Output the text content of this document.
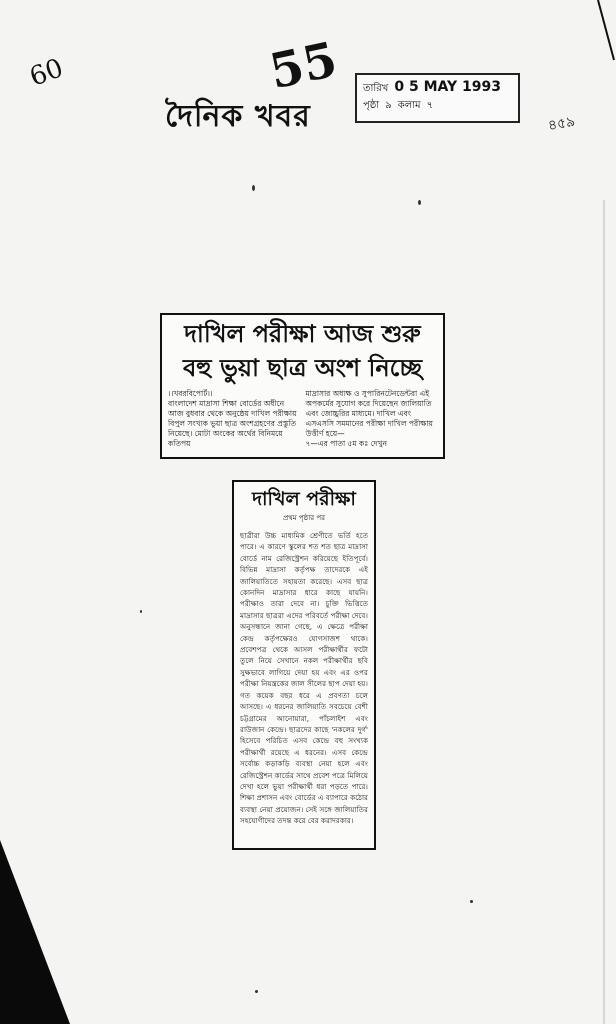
60	55
৪৫৯
দৈনিক খবর
তারিখ 0 5 MAY 1993
পৃষ্ঠা ৯ কলাম ৭
দাখিল পরীক্ষা আজ শুরু
বহু ভুয়া ছাত্র অংশ নিচ্ছে
।।খবরবিপোর্ট।।
বাংলাদেশ মাদ্রাসা শিক্ষা বোর্ডের অধীনে আজ বুধবার থেকে অনুষ্ঠেয় দাখিল পরীক্ষায় বিপুল সংখ্যক ভুয়া ছাত্র অংশগ্রহণের প্রস্তুতি নিয়েছে। মোটা অংকের অর্থের বিনিময়ে কতিপয়
মাদ্রাসার অধ্যক্ষ ও সুপারিনটেনডেন্টরা এই অপকর্মের সুযোগ করে দিয়েছেন জালিয়াতি এবং জোচ্চুরির মাধ্যমে। দাখিল এবং এসএসসি সমমানের পরীক্ষা দাখিল পরীক্ষায় উত্তীর্ণ হয়ে—
৭—এর পাতা ৫ম কঃ দেখুন
দাখিল পরীক্ষা
প্রথম পৃষ্ঠার পর
ছাত্রীরা উচ্চ মাধ্যমিক শ্রেণীতে ভর্তি হতে পারে। এ কারণে স্কুলের শত শত ছাত্র মাদ্রাসা বোর্ডে নাম রেজিস্ট্রেশন করিয়েছে ইতিপূর্বে। বিভিন্ন মাদ্রাসা কর্তৃপক্ষ তাদেরকে এই জালিয়াতিতে সহায়তা করেছে। এসব ছাত্র কোনদিন মাদ্রাসার ধারে কাছে যায়নি। পরীক্ষাও তারা দেবে না। চুক্তি ভিত্তিতে মাদ্রাসার ছাত্ররা এদের পরিবর্তে পরীক্ষা দেবে। অনুসন্ধানে জানা গেছে, এ ক্ষেত্রে পরীক্ষা কেন্দ্র কর্তৃপক্ষেরও যোগসাজশ থাকে। প্রবেশপত্র থেকে আসল পরীক্ষার্থীর ফটো তুলে নিয়ে সেখানে নকল পরীক্ষার্থীর ছবি সুক্ষভাবে লাগিয়ে দেয়া হয় এবং এর ওপর পরীক্ষা নিয়ন্ত্রকের জাল সীলের ছাপ দেয়া হয়। গত কয়েক বছর ধরে এ প্রবণতা চলে আসছে। এ ধরনের জালিয়াতি সবচেয়ে বেশী চট্টগ্রামের আনোয়ারা, পাঁচলাইশ এবং রাউজান কেন্দ্রে। ছাত্রদের কাছে 'নকলের দুর্গ' হিসেবে পরিচিত এসব কেন্দ্রে বহু সংখ্যক পরীক্ষার্থী রয়েছে এ ধরনের। এসব কেন্দ্রে সর্বোচ্চ কড়াকড়ি ব্যবস্থা নেয়া হলে এবং রেজিস্ট্রেশন কার্ডের সাথে প্রবেশ পত্রে মিলিয়ে দেখা হলে ভুয়া পরীক্ষার্থী ধরা পড়তে পারে। শিক্ষা প্রশাসন এবং বোর্ডের এ ব্যাপারে কঠোর ব্যবস্থা নেয়া প্রয়োজন। সেই সঙ্গে জালিয়াতির সহযোগীদের তদন্ত করে বের করাদরকার।
